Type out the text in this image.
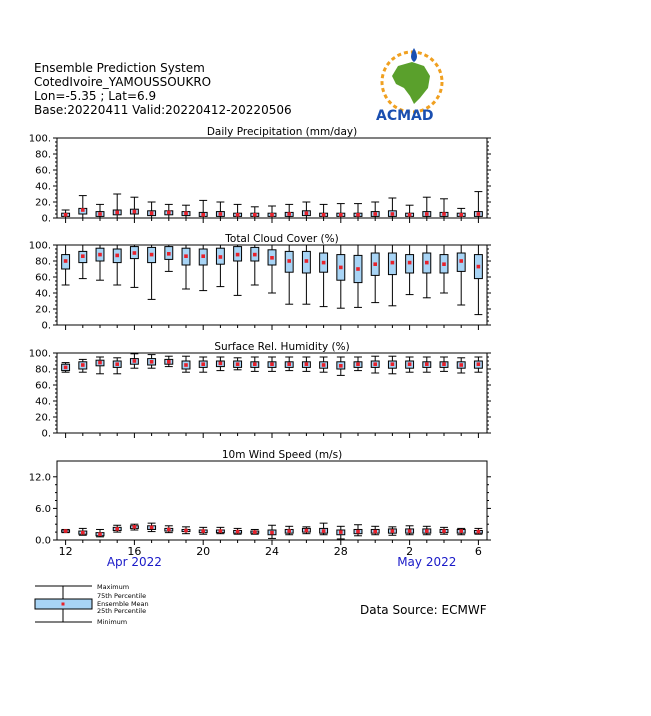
Ensemble Prediction System
CotedIvoire_YAMOUSSOUKRO
Lon=-5.35 ; Lat=6.9
Base:20220411 Valid:20220412-20220506	ACMAD
Daily Precipitation (mm/day)
0.
20.
40.
60.
80.
100.
Total Cloud Cover (%)
0.
20.
40.
60.
80.
100.
Surface Rel. Humidity (%)
0.
20.
40.
60.
80.
100.
10m Wind Speed (m/s)
0.0
6.0
12.0
12	16	20	24	28	2	6
Apr 2022	May 2022
Maximum
75th Percentile
Ensemble Mean
25th Percentile
Minimum
Data Source: ECMWF
